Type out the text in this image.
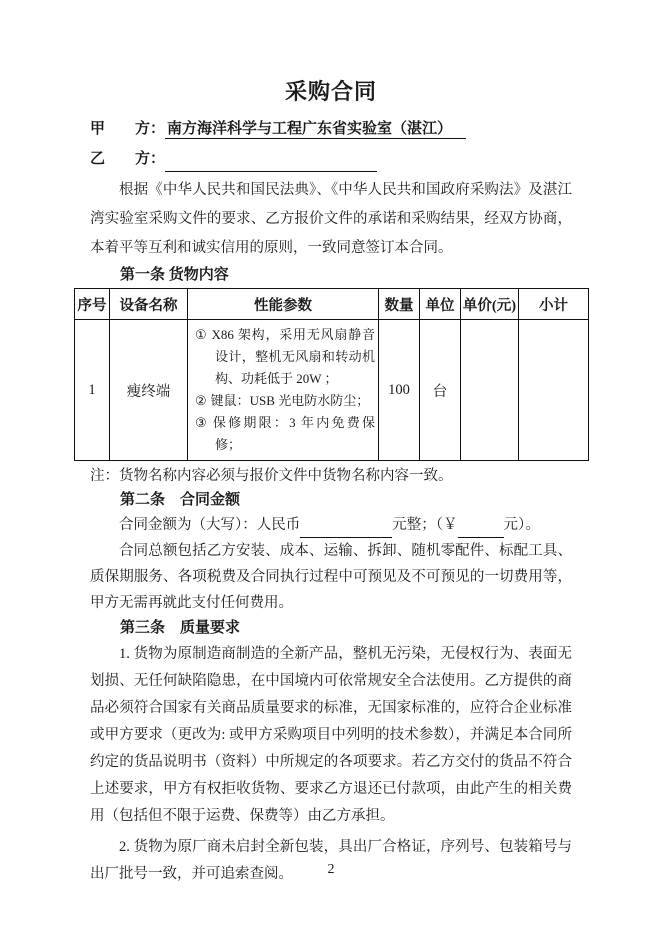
采购合同
甲　　方： 南方海洋科学与工程广东省实验室（湛江）
乙　　方：

根据《中华人民共和国民法典》、《中华人民共和国政府采购法》及湛江湾实验室采购文件的要求、乙方报价文件的承诺和采购结果，经双方协商，本着平等互利和诚实信用的原则，一致同意签订本合同。

第一条 货物内容
序号	设备名称	性能参数	数量	单位	单价(元)	小计
1	瘦终端	① X86 架构，采用无风扇静音设计，整机无风扇和转动机构、功耗低于 20W ；
② 键鼠：USB 光电防水防尘；
③ 保修期限：3 年内免费保修；	100	台		

注：货物名称内容必须与报价文件中货物名称内容一致。

第二条　合同金额

合同金额为（大写）：人民币	元整；（￥	元）。

合同总额包括乙方安装、成本、运输、拆卸、随机零配件、标配工具、质保期服务、各项税费及合同执行过程中可预见及不可预见的一切费用等，甲方无需再就此支付任何费用。

第三条　质量要求

1. 货物为原制造商制造的全新产品，整机无污染，无侵权行为、表面无划损、无任何缺陷隐患，在中国境内可依常规安全合法使用。乙方提供的商品必须符合国家有关商品质量要求的标准，无国家标准的，应符合企业标准或甲方要求（更改为: 或甲方采购项目中列明的技术参数），并满足本合同所约定的货品说明书（资料）中所规定的各项要求。若乙方交付的货品不符合上述要求，甲方有权拒收货物、要求乙方退还已付款项，由此产生的相关费用（包括但不限于运费、保费等）由乙方承担。

2. 货物为原厂商未启封全新包装，具出厂合格证，序列号、包装箱号与出厂批号一致，并可追索查阅。	2
